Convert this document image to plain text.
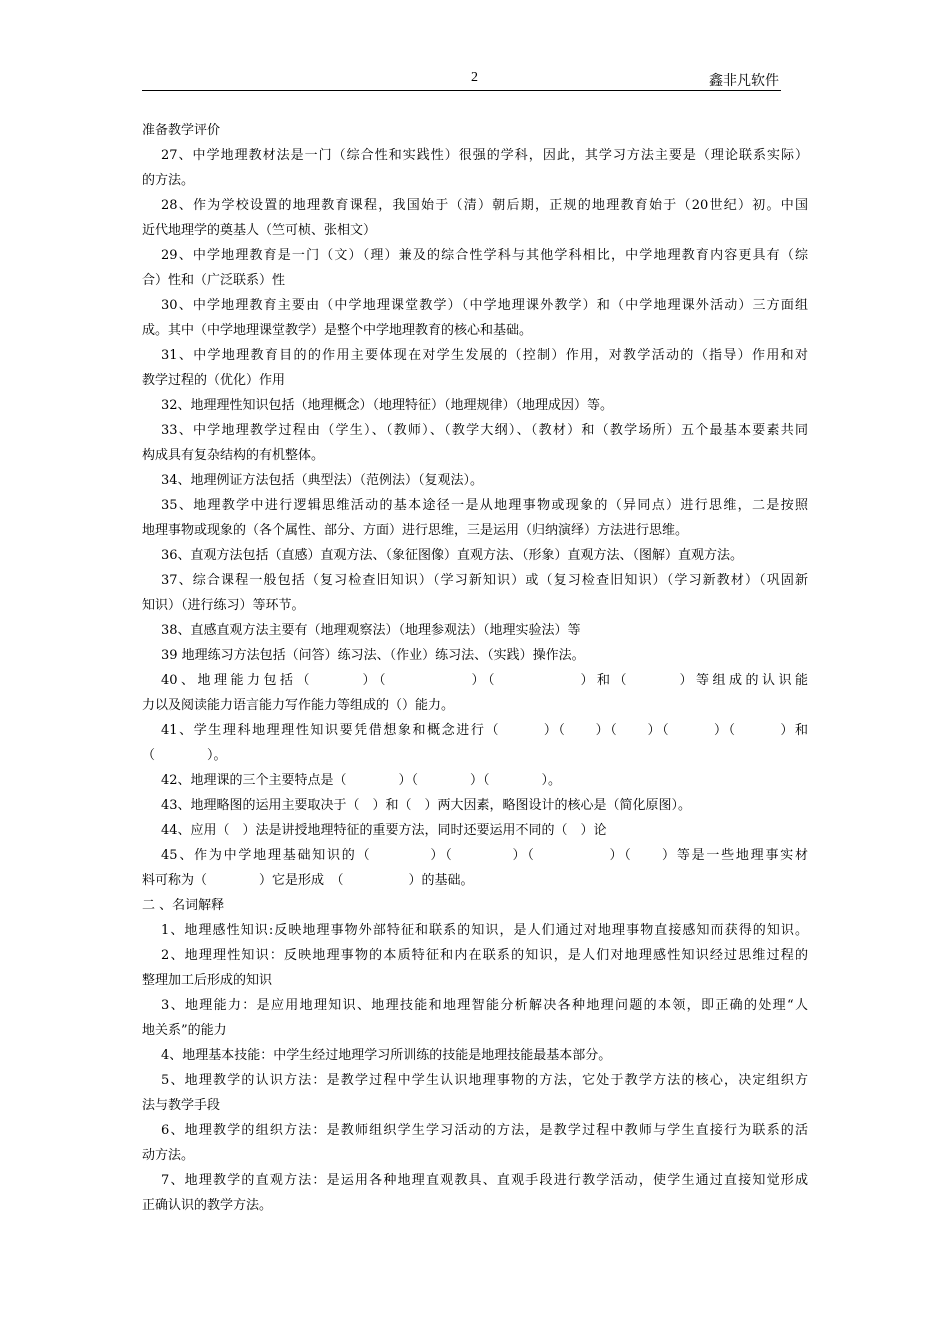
2	鑫非凡软件
准备教学评价
27、中学地理教材法是一门（综合性和实践性）很强的学科，因此，其学习方法主要是（理论联系实际）
的方法。
28、作为学校设置的地理教育课程，我国始于（清）朝后期，正规的地理教育始于（20世纪）初。中国
近代地理学的奠基人（竺可桢、张相文）
29、中学地理教育是一门（文）（理）兼及的综合性学科与其他学科相比，中学地理教育内容更具有（综
合）性和（广泛联系）性
30、中学地理教育主要由（中学地理课堂教学）（中学地理课外教学）和（中学地理课外活动）三方面组
成。其中（中学地理课堂教学）是整个中学地理教育的核心和基础。
31、中学地理教育目的的作用主要体现在对学生发展的（控制）作用，对教学活动的（指导）作用和对
教学过程的（优化）作用
32、地理理性知识包括（地理概念）（地理特征）（地理规律）（地理成因）等。
33、中学地理教学过程由（学生）、（教师）、（教学大纲）、（教材）和（教学场所）五个最基本要素共同
构成具有复杂结构的有机整体。
34、地理例证方法包括（典型法）（范例法）（复观法）。
35、地理教学中进行逻辑思维活动的基本途径一是从地理事物或现象的（异同点）进行思维，二是按照
地理事物或现象的（各个属性、部分、方面）进行思维，三是运用（归纳演绎）方法进行思维。
36、直观方法包括（直感）直观方法、（象征图像）直观方法、（形象）直观方法、（图解）直观方法。
37、综合课程一般包括（复习检查旧知识）（学习新知识）或（复习检查旧知识）（学习新教材）（巩固新
知识）（进行练习）等环节。
38、直感直观方法主要有（地理观察法）（地理参观法）（地理实验法）等
39 地理练习方法包括（问答）练习法、（作业）练习法、（实践）操作法。
40、地理能力包括（　　　）（　　　　　）（　　　　　）和（　　　）等组成的认识能
力以及阅读能力语言能力写作能力等组成的（）能力。
41、学生理科地理理性知识要凭借想象和概念进行（　　　）（　　）（　　）（　　　）（　　　）和
（　　　　）。
42、地理课的三个主要特点是（　　　　）（　　　　）（　　　　）。
43、地理略图的运用主要取决于（　）和（　）两大因素，略图设计的核心是（简化原图）。
44、应用（　）法是讲授地理特征的重要方法，同时还要运用不同的（　）论
45、作为中学地理基础知识的（　　　　）（　　　　）（　　　　　）（　　）等是一些地理事实材
料可称为（　　　　）它是形成　（　　　　　）的基础。
二 、名词解释
1、地理感性知识:反映地理事物外部特征和联系的知识，是人们通过对地理事物直接感知而获得的知识。
2、地理理性知识：反映地理事物的本质特征和内在联系的知识，是人们对地理感性知识经过思维过程的
整理加工后形成的知识
3、地理能力：是应用地理知识、地理技能和地理智能分析解决各种地理问题的本领，即正确的处理“人
地关系”的能力
4、地理基本技能：中学生经过地理学习所训练的技能是地理技能最基本部分。
5、地理教学的认识方法：是教学过程中学生认识地理事物的方法，它处于教学方法的核心，决定组织方
法与教学手段
6、地理教学的组织方法：是教师组织学生学习活动的方法，是教学过程中教师与学生直接行为联系的活
动方法。
7、地理教学的直观方法：是运用各种地理直观教具、直观手段进行教学活动，使学生通过直接知觉形成
正确认识的教学方法。
